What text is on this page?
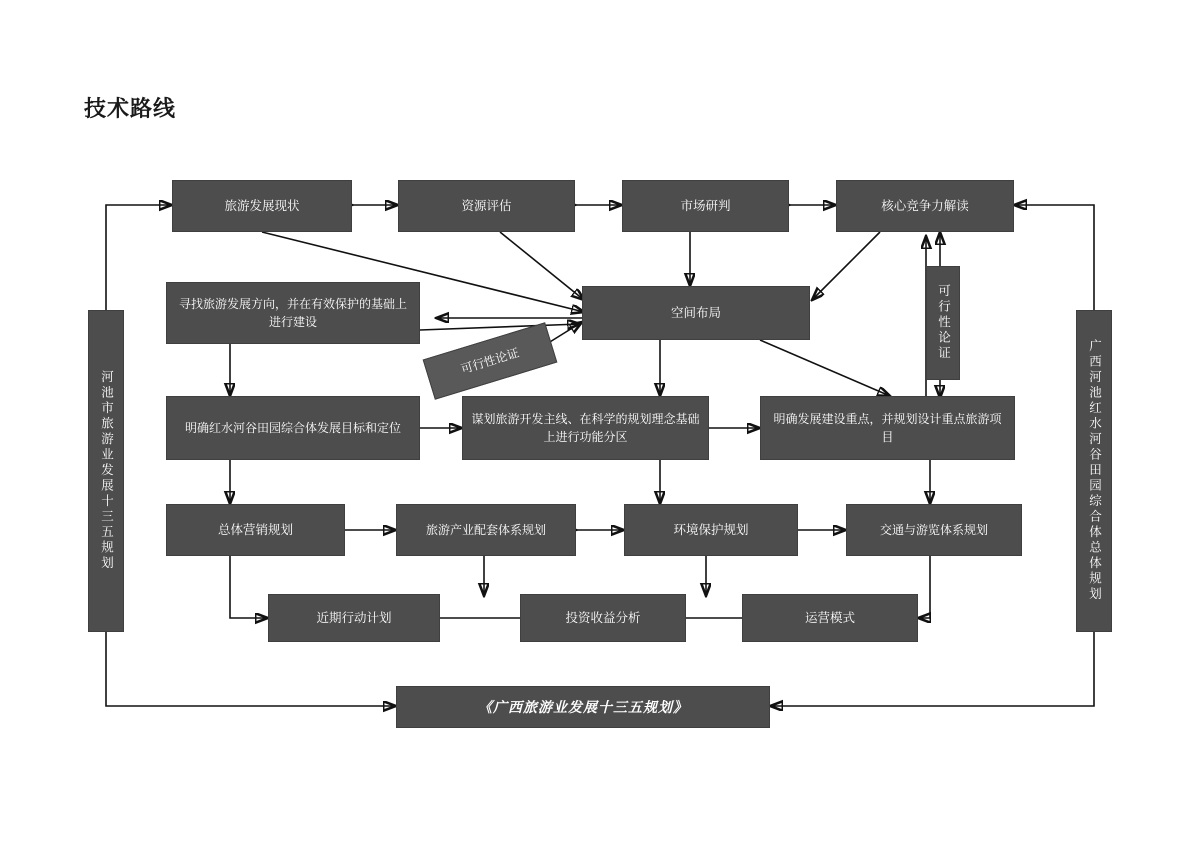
技术路线
旅游发展现状	资源评估	市场研判	核心竞争力解读
寻找旅游发展方向，并在有效保护的基础上进行建设
空间布局	可行性论证
可行性论证
明确红水河谷田园综合体发展目标和定位
谋划旅游开发主线、在科学的规划理念基础上进行功能分区
明确发展建设重点，并规划设计重点旅游项目
总体营销规划	旅游产业配套体系规划	环境保护规划	交通与游览体系规划
近期行动计划	投资收益分析	运营模式
河池市旅游业发展十三五规划	广西河池红水河谷田园综合体总体规划
《广西旅游业发展十三五规划》
